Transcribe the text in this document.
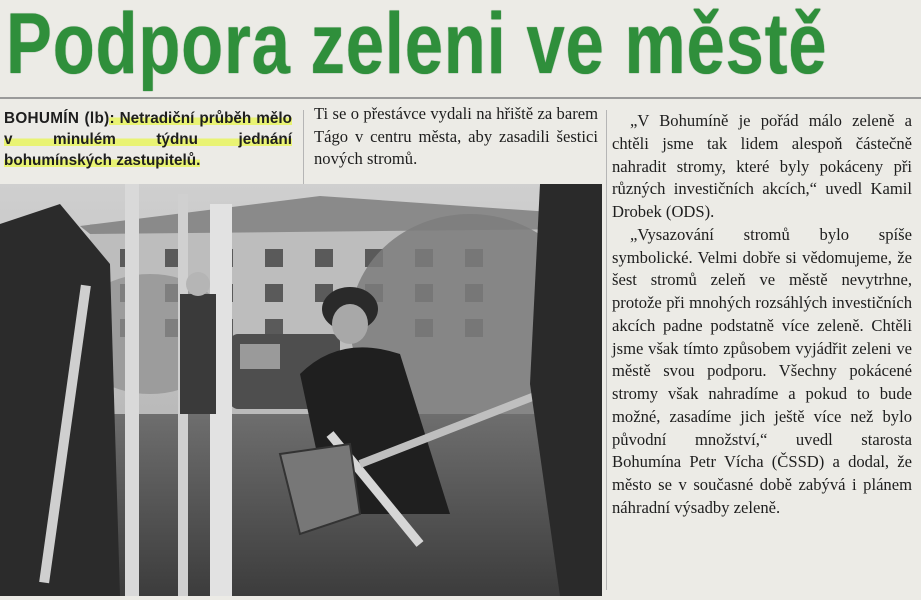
Podpora zeleni ve městě

BOHUMÍN (lb): Netradiční průběh mělo v minulém týdnu jednání bohumínských zastupitelů.

Ti se o přestávce vydali na hřiště za barem Tágo v centru města, aby zasadili šestici nových stromů.

„V Bohumíně je pořád málo zeleně a chtěli jsme tak lidem alespoň částečně nahradit stromy, které byly pokáceny při různých investičních akcích,“ uvedl Kamil Drobek (ODS).

„Vysazování stromů bylo spíše symbolické. Velmi dobře si vědomujeme, že šest stromů zeleň ve městě nevytrhne, protože při mnohých rozsáhlých investičních akcích padne podstatně více zeleně. Chtěli jsme však tímto způsobem vyjádřit zeleni ve městě svou podporu. Všechny pokácené stromy však nahradíme a pokud to bude možné, zasadíme jich ještě více než bylo původní množství,“ uvedl starosta Bohumína Petr Vícha (ČSSD) a dodal, že město se v současné době zabývá i plánem náhradní výsadby zeleně.
